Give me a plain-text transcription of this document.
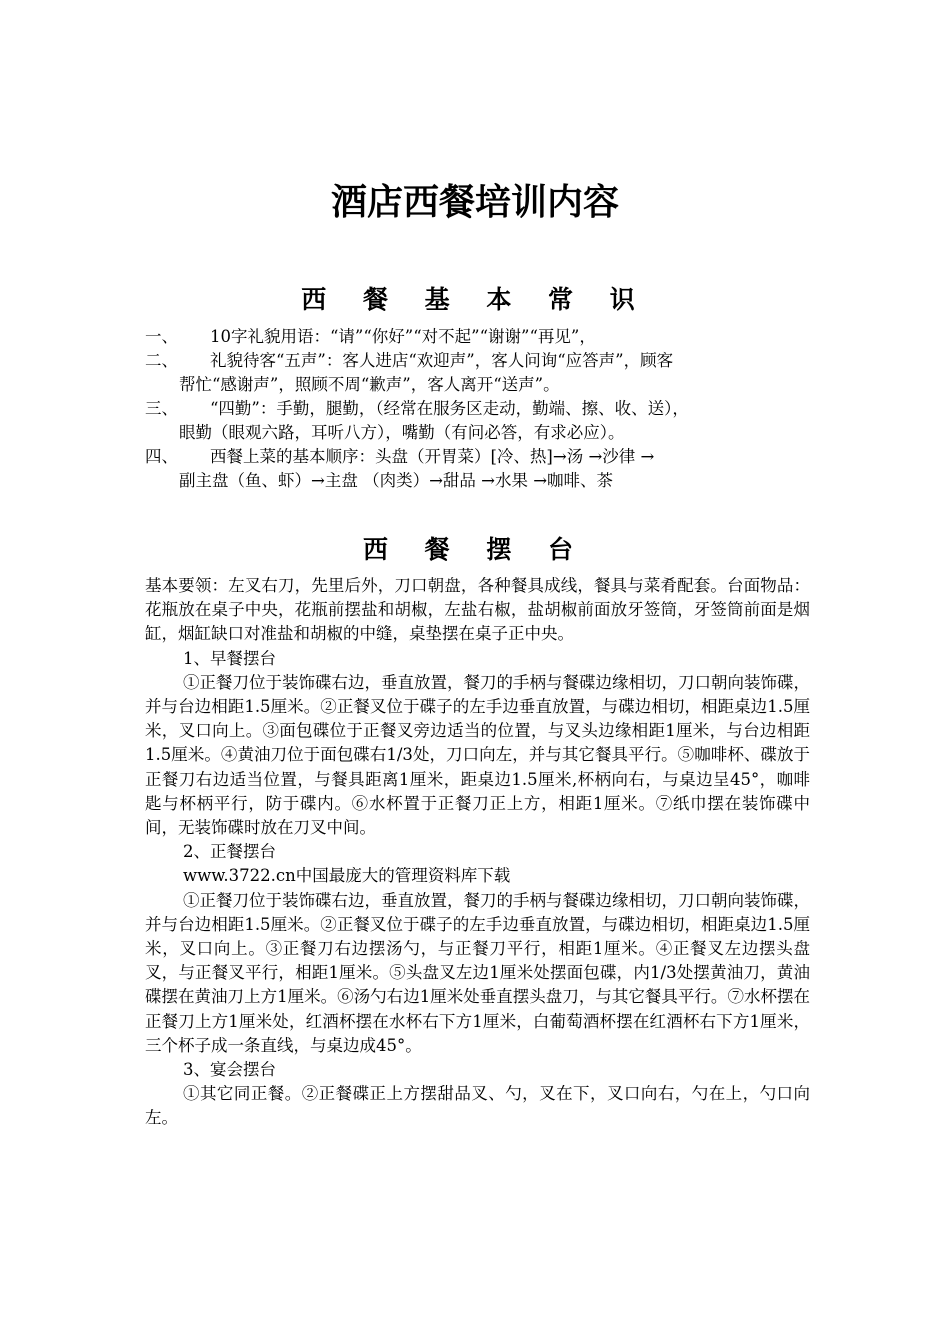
酒店西餐培训内容
西 餐 基 本 常 识
一、	10字礼貌用语：“请”“你好”“对不起”“谢谢”“再见”，
二、	礼貌待客“五声”：客人进店“欢迎声”，客人问询“应答声”，顾客
帮忙“感谢声”，照顾不周“歉声”，客人离开“送声”。
三、	“四勤”：手勤，腿勤，（经常在服务区走动，勤端、擦、收、送），
眼勤（眼观六路，耳听八方），嘴勤（有问必答，有求必应）。
四、	西餐上菜的基本顺序：头盘（开胃菜）[冷、热]→汤 →沙律 →
副主盘（鱼、虾）→主盘 （肉类）→甜品 →水果 →咖啡、茶
西 餐 摆 台

基本要领：左叉右刀，先里后外，刀口朝盘，各种餐具成线，餐具与菜肴配套。台面物品：花瓶放在桌子中央，花瓶前摆盐和胡椒，左盐右椒，盐胡椒前面放牙签筒，牙签筒前面是烟缸，烟缸缺口对准盐和胡椒的中缝，桌垫摆在桌子正中央。

1、早餐摆台

①正餐刀位于装饰碟右边，垂直放置，餐刀的手柄与餐碟边缘相切，刀口朝向装饰碟，并与台边相距1.5厘米。②正餐叉位于碟子的左手边垂直放置，与碟边相切，相距桌边1.5厘米，叉口向上。③面包碟位于正餐叉旁边适当的位置，与叉头边缘相距1厘米，与台边相距1.5厘米。④黄油刀位于面包碟右1/3处，刀口向左，并与其它餐具平行。⑤咖啡杯、碟放于正餐刀右边适当位置，与餐具距离1厘米，距桌边1.5厘米,杯柄向右，与桌边呈45°，咖啡匙与杯柄平行，防于碟内。⑥水杯置于正餐刀正上方，相距1厘米。⑦纸巾摆在装饰碟中间，无装饰碟时放在刀叉中间。

2、正餐摆台

www.3722.cn中国最庞大的管理资料库下载

①正餐刀位于装饰碟右边，垂直放置，餐刀的手柄与餐碟边缘相切，刀口朝向装饰碟，并与台边相距1.5厘米。②正餐叉位于碟子的左手边垂直放置，与碟边相切，相距桌边1.5厘米，叉口向上。③正餐刀右边摆汤勺，与正餐刀平行，相距1厘米。④正餐叉左边摆头盘叉，与正餐叉平行，相距1厘米。⑤头盘叉左边1厘米处摆面包碟，内1/3处摆黄油刀，黄油碟摆在黄油刀上方1厘米。⑥汤勺右边1厘米处垂直摆头盘刀，与其它餐具平行。⑦水杯摆在正餐刀上方1厘米处，红酒杯摆在水杯右下方1厘米，白葡萄酒杯摆在红酒杯右下方1厘米，三个杯子成一条直线，与桌边成45°。

3、宴会摆台

①其它同正餐。②正餐碟正上方摆甜品叉、勺，叉在下，叉口向右，勺在上，勺口向左。
